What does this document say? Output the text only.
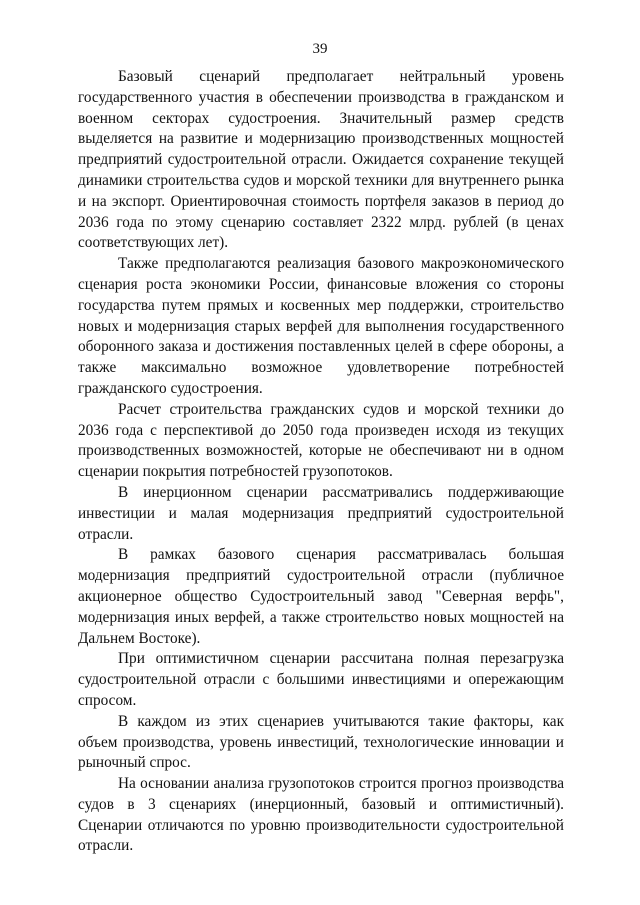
39

Базовый сценарий предполагает нейтральный уровень государственного участия в обеспечении производства в гражданском и военном секторах судостроения. Значительный размер средств выделяется на развитие и модернизацию производственных мощностей предприятий судостроительной отрасли. Ожидается сохранение текущей динамики строительства судов и морской техники для внутреннего рынка и на экспорт. Ориентировочная стоимость портфеля заказов в период до 2036 года по этому сценарию составляет 2322 млрд. рублей (в ценах соответствующих лет).

Также предполагаются реализация базового макроэкономического сценария роста экономики России, финансовые вложения со стороны государства путем прямых и косвенных мер поддержки, строительство новых и модернизация старых верфей для выполнения государственного оборонного заказа и достижения поставленных целей в сфере обороны, а также максимально возможное удовлетворение потребностей гражданского судостроения.

Расчет строительства гражданских судов и морской техники до 2036 года с перспективой до 2050 года произведен исходя из текущих производственных возможностей, которые не обеспечивают ни в одном сценарии покрытия потребностей грузопотоков.

В инерционном сценарии рассматривались поддерживающие инвестиции и малая модернизация предприятий судостроительной отрасли.

В рамках базового сценария рассматривалась большая модернизация предприятий судостроительной отрасли (публичное акционерное общество Судостроительный завод "Северная верфь", модернизация иных верфей, а также строительство новых мощностей на Дальнем Востоке).

При оптимистичном сценарии рассчитана полная перезагрузка судостроительной отрасли с большими инвестициями и опережающим спросом.

В каждом из этих сценариев учитываются такие факторы, как объем производства, уровень инвестиций, технологические инновации и рыночный спрос.

На основании анализа грузопотоков строится прогноз производства судов в 3 сценариях (инерционный, базовый и оптимистичный). Сценарии отличаются по уровню производительности судостроительной отрасли.
